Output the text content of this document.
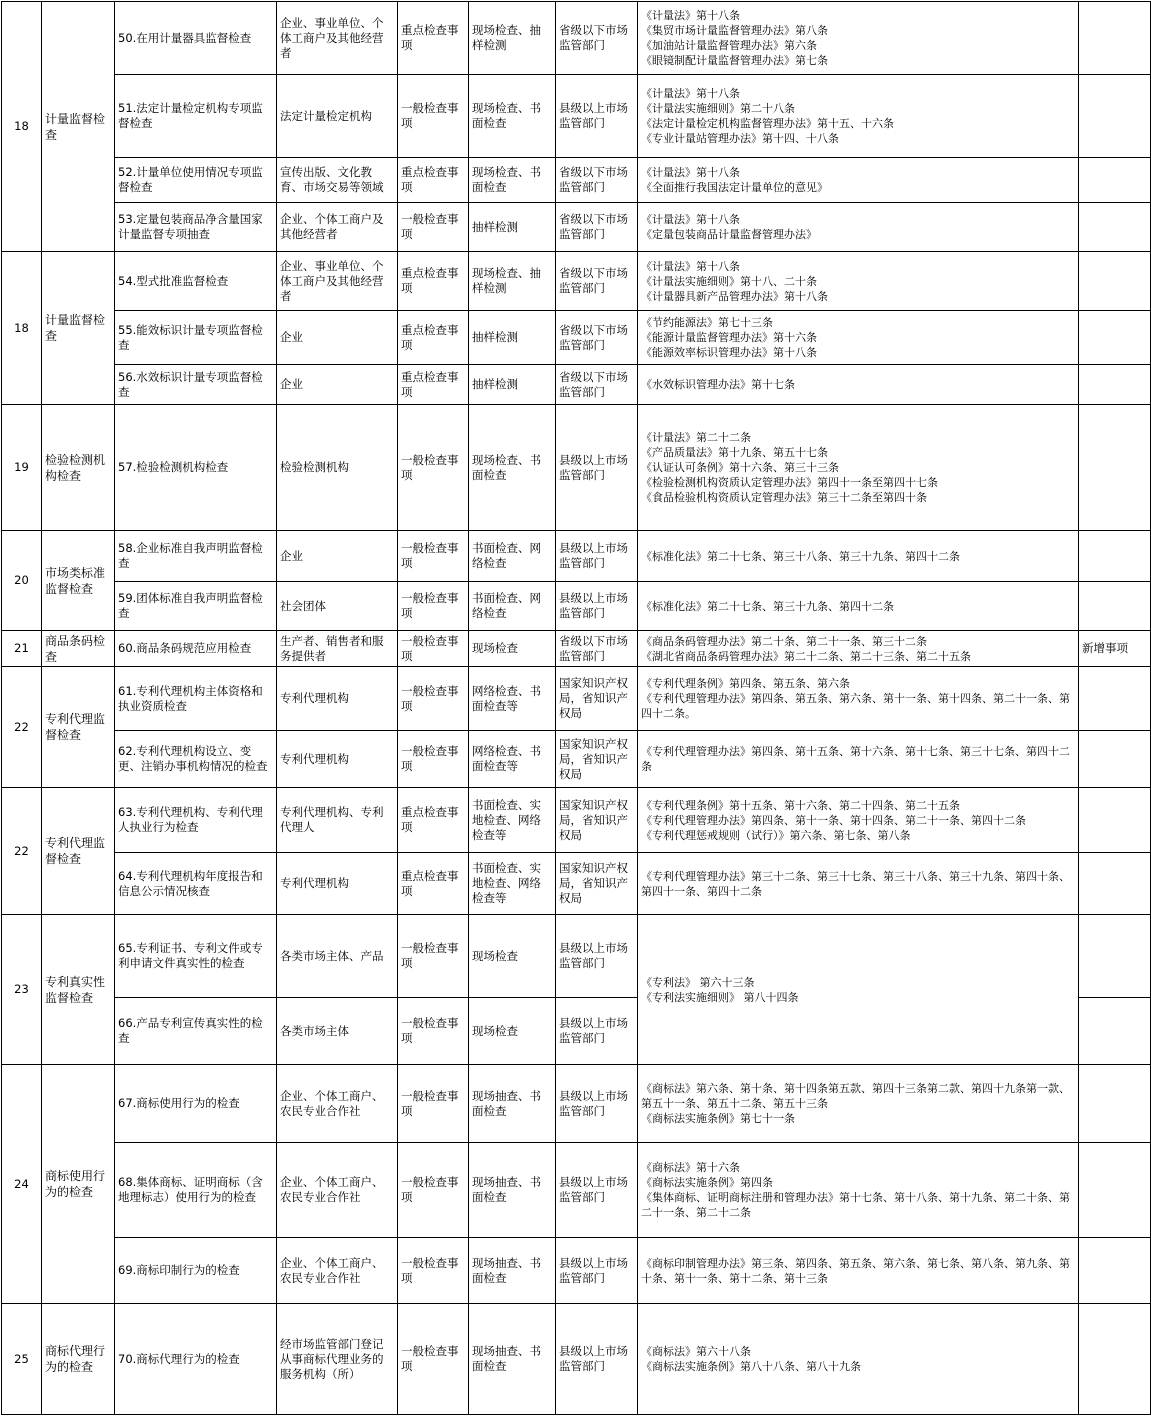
18	计量监督检查	50.在用计量器具监督检查	企业、事业单位、个体工商户及其他经营者	重点检查事项	现场检查、抽样检测	省级以下市场监管部门	《计量法》第十八条
《集贸市场计量监督管理办法》第八条
《加油站计量监督管理办法》第六条
《眼镜制配计量监督管理办法》第七条	

		51.法定计量检定机构专项监督检查	法定计量检定机构	一般检查事项	现场检查、书面检查	县级以上市场监管部门	《计量法》第十八条
《计量法实施细则》第二十八条
《法定计量检定机构监督管理办法》第十五、十六条
《专业计量站管理办法》第十四、十八条	

		52.计量单位使用情况专项监督检查	宣传出版、文化教育、市场交易等领域	重点检查事项	现场检查、书面检查	省级以下市场监管部门	《计量法》第十八条
《全面推行我国法定计量单位的意见》	

		53.定量包装商品净含量国家计量监督专项抽查	企业、个体工商户及其他经营者	一般检查事项	抽样检测	省级以下市场监管部门	《计量法》第十八条
《定量包装商品计量监督管理办法》	

18	计量监督检查	54.型式批准监督检查	企业、事业单位、个体工商户及其他经营者	重点检查事项	现场检查、抽样检测	省级以下市场监管部门	《计量法》第十八条
《计量法实施细则》第十八、二十条
《计量器具新产品管理办法》第十八条	

		55.能效标识计量专项监督检查	企业	重点检查事项	抽样检测	省级以下市场监管部门	《节约能源法》第七十三条
《能源计量监督管理办法》第十六条
《能源效率标识管理办法》第十八条	

		56.水效标识计量专项监督检查	企业	重点检查事项	抽样检测	省级以下市场监管部门	《水效标识管理办法》第十七条	

19	检验检测机构检查	57.检验检测机构检查	检验检测机构	一般检查事项	现场检查、书面检查	县级以上市场监管部门	《计量法》第二十二条
《产品质量法》第十九条、第五十七条
《认证认可条例》第十六条、第三十三条
《检验检测机构资质认定管理办法》第四十一条至第四十七条
《食品检验机构资质认定管理办法》第三十二条至第四十条	

20	市场类标准监督检查	58.企业标准自我声明监督检查	企业	一般检查事项	书面检查、网络检查	县级以上市场监管部门	《标准化法》第二十七条、第三十八条、第三十九条、第四十二条	

		59.团体标准自我声明监督检查	社会团体	一般检查事项	书面检查、网络检查	县级以上市场监管部门	《标准化法》第二十七条、第三十九条、第四十二条	

21	商品条码检查	60.商品条码规范应用检查	生产者、销售者和服务提供者	一般检查事项	现场检查	省级以下市场监管部门	《商品条码管理办法》第二十条、第二十一条、第三十二条
《湖北省商品条码管理办法》第二十二条、第二十三条、第二十五条	新增事项
22	专利代理监督检查	61.专利代理机构主体资格和执业资质检查	专利代理机构	一般检查事项	网络检查、书面检查等	国家知识产权局，省知识产权局	《专利代理条例》第四条、第五条、第六条
《专利代理管理办法》第四条、第五条、第六条、第十一条、第十四条、第二十一条、第四十二条。	

		62.专利代理机构设立、变更、注销办事机构情况的检查	专利代理机构	一般检查事项	网络检查、书面检查等	国家知识产权局，省知识产权局	《专利代理管理办法》第四条、第十五条、第十六条、第十七条、第三十七条、第四十二条	

22	专利代理监督检查	63.专利代理机构、专利代理人执业行为检查	专利代理机构、专利代理人	重点检查事项	书面检查、实地检查、网络检查等	国家知识产权局，省知识产权局	《专利代理条例》第十五条、第十六条、第二十四条、第二十五条
《专利代理管理办法》第四条、第十一条、第十四条、第二十一条、第四十二条
《专利代理惩戒规则（试行）》第六条、第七条、第八条	

		64.专利代理机构年度报告和信息公示情况核查	专利代理机构	重点检查事项	书面检查、实地检查、网络检查等	国家知识产权局，省知识产权局	《专利代理管理办法》第三十二条、第三十七条、第三十八条、第三十九条、第四十条、第四十一条、第四十二条	

23	专利真实性监督检查	65.专利证书、专利文件或专利申请文件真实性的检查	各类市场主体、产品	一般检查事项	现场检查	县级以上市场监管部门	《专利法》 第六十三条
《专利法实施细则》 第八十四条	

		66.产品专利宣传真实性的检查	各类市场主体	一般检查事项	现场检查	县级以上市场监管部门		
24	商标使用行为的检查	67.商标使用行为的检查	企业、个体工商户、农民专业合作社	一般检查事项	现场抽查、书面检查	县级以上市场监管部门	《商标法》第六条、第十条、第十四条第五款、第四十三条第二款、第四十九条第一款、第五十一条、第五十二条、第五十三条
《商标法实施条例》第七十一条	

		68.集体商标、证明商标（含地理标志）使用行为的检查	企业、个体工商户、农民专业合作社	一般检查事项	现场抽查、书面检查	县级以上市场监管部门	《商标法》第十六条
《商标法实施条例》第四条
《集体商标、证明商标注册和管理办法》第十七条、第十八条、第十九条、第二十条、第二十一条、第二十二条	

		69.商标印制行为的检查	企业、个体工商户、农民专业合作社	一般检查事项	现场抽查、书面检查	县级以上市场监管部门	《商标印制管理办法》第三条、第四条、第五条、第六条、第七条、第八条、第九条、第十条、第十一条、第十二条、第十三条	

25	商标代理行为的检查	70.商标代理行为的检查	经市场监管部门登记从事商标代理业务的服务机构（所）	一般检查事项	现场抽查、书面检查	县级以上市场监管部门	《商标法》第六十八条
《商标法实施条例》第八十八条、第八十九条	
